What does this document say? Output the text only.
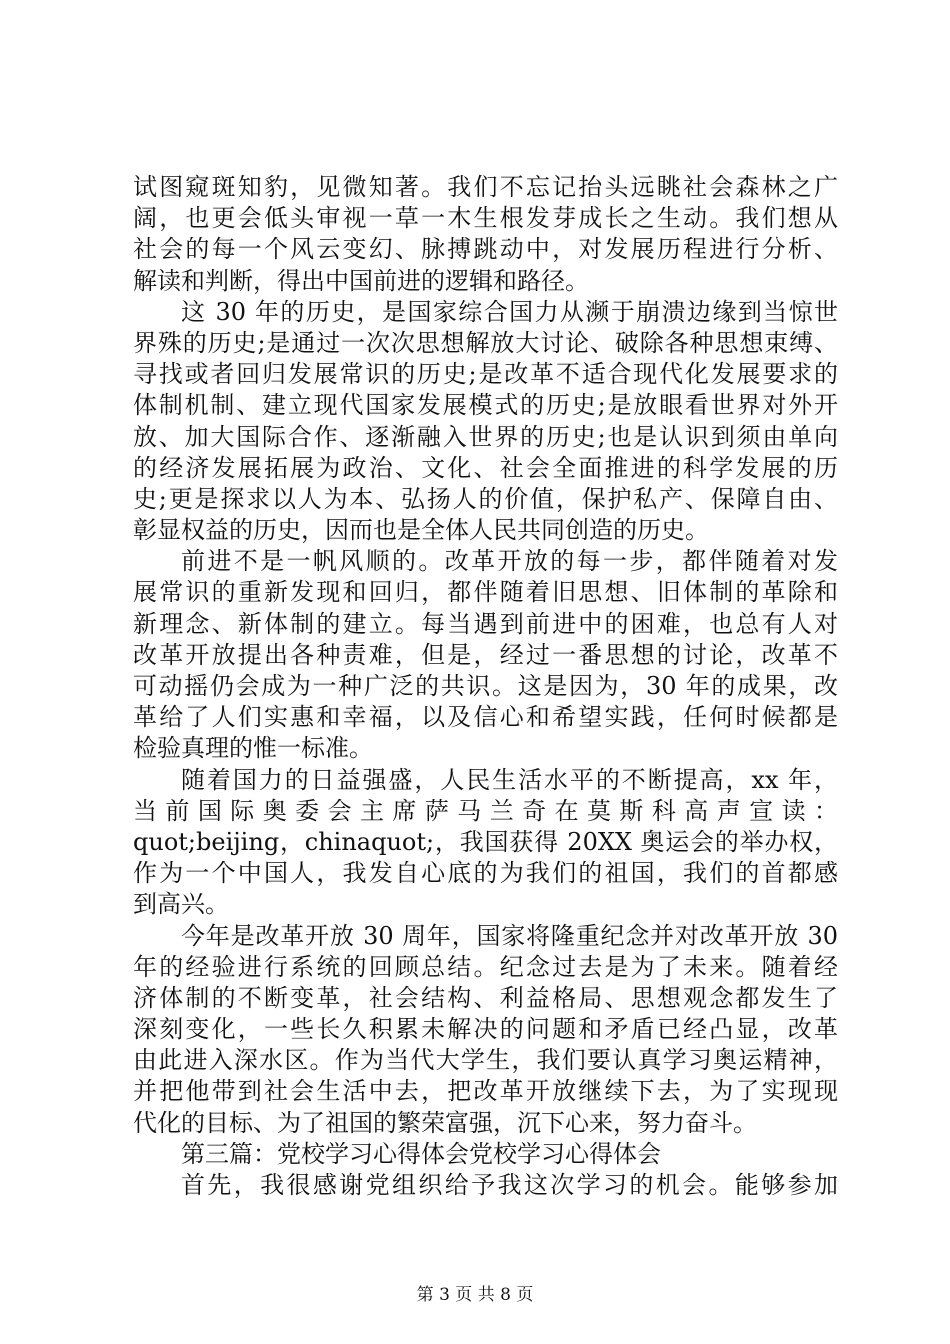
试图窥斑知豹，见微知著。我们不忘记抬头远眺社会森林之广
阔，也更会低头审视一草一木生根发芽成长之生动。我们想从
社会的每一个风云变幻、脉搏跳动中，对发展历程进行分析、
解读和判断，得出中国前进的逻辑和路径。
这 30 年的历史，是国家综合国力从濒于崩溃边缘到当惊世
界殊的历史;是通过一次次思想解放大讨论、破除各种思想束缚、
寻找或者回归发展常识的历史;是改革不适合现代化发展要求的
体制机制、建立现代国家发展模式的历史;是放眼看世界对外开
放、加大国际合作、逐渐融入世界的历史;也是认识到须由单向
的经济发展拓展为政治、文化、社会全面推进的科学发展的历
史;更是探求以人为本、弘扬人的价值，保护私产、保障自由、
彰显权益的历史，因而也是全体人民共同创造的历史。
前进不是一帆风顺的。改革开放的每一步，都伴随着对发
展常识的重新发现和回归，都伴随着旧思想、旧体制的革除和
新理念、新体制的建立。每当遇到前进中的困难，也总有人对
改革开放提出各种责难，但是，经过一番思想的讨论，改革不
可动摇仍会成为一种广泛的共识。这是因为，30 年的成果，改
革给了人们实惠和幸福，以及信心和希望实践，任何时候都是
检验真理的惟一标准。
随着国力的日益强盛，人民生活水平的不断提高，xx 年，
当前国际奥委会主席萨马兰奇在莫斯科高声宣读：
quot;beijing，chinaquot;，我国获得 20XX 奥运会的举办权，
作为一个中国人，我发自心底的为我们的祖国，我们的首都感
到高兴。
今年是改革开放 30 周年，国家将隆重纪念并对改革开放 30
年的经验进行系统的回顾总结。纪念过去是为了未来。随着经
济体制的不断变革，社会结构、利益格局、思想观念都发生了
深刻变化，一些长久积累未解决的问题和矛盾已经凸显，改革
由此进入深水区。作为当代大学生，我们要认真学习奥运精神，
并把他带到社会生活中去，把改革开放继续下去，为了实现现
代化的目标、为了祖国的繁荣富强，沉下心来，努力奋斗。
第三篇：党校学习心得体会党校学习心得体会
首先，我很感谢党组织给予我这次学习的机会。能够参加
第 3 页 共 8 页
